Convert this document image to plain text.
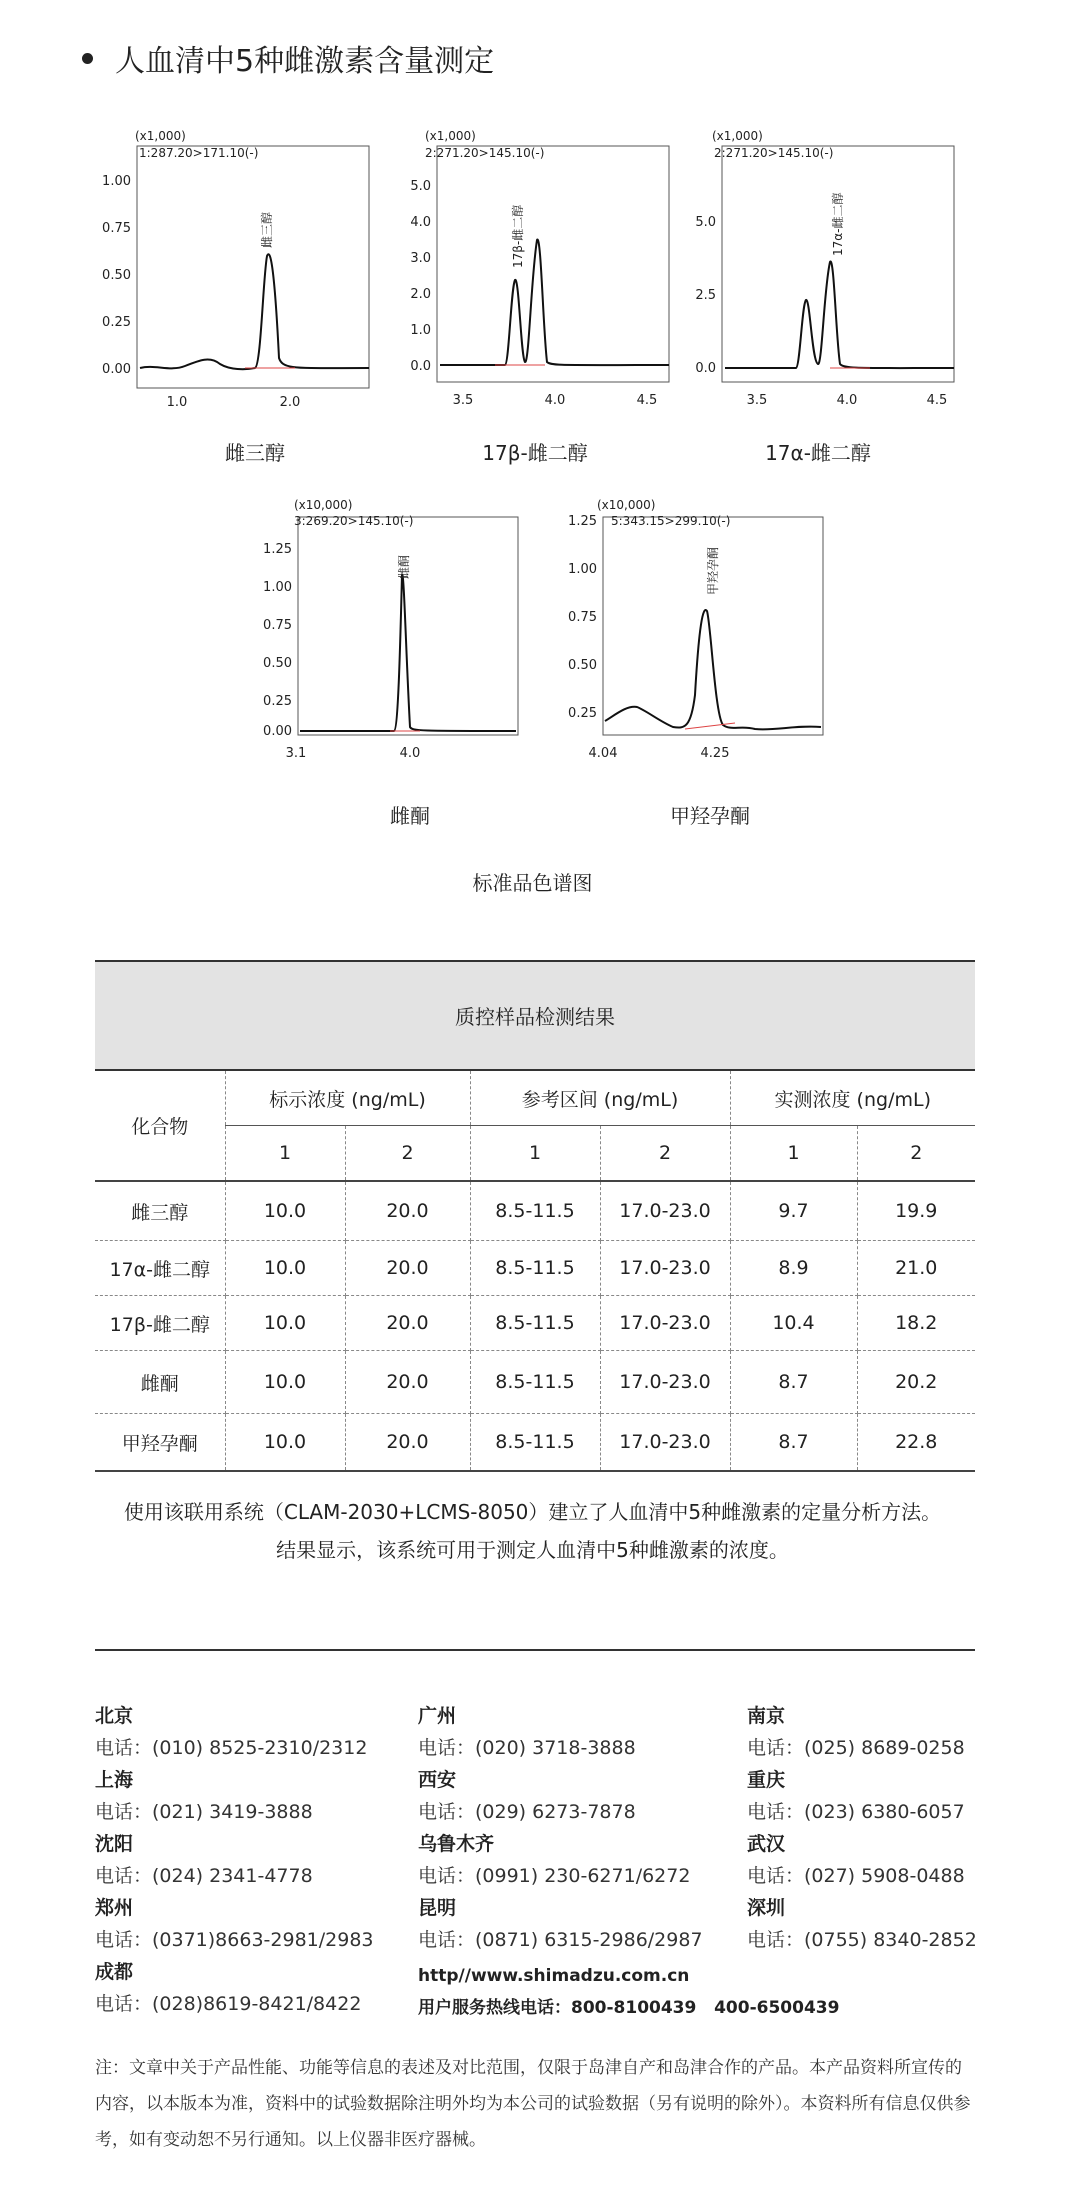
人血清中5种雌激素含量测定
(x1,000)
1:287.20>171.10(-)
1.00
0.75
0.50
0.25
0.00
1.0	2.0
雌三醇
雌三醇
(x1,000)
2:271.20>145.10(-)
5.0
4.0
3.0
2.0
1.0
0.0
3.5	4.0	4.5
17β-雌二醇
17β-雌二醇
(x1,000)
2:271.20>145.10(-)
5.0
2.5
0.0
3.5	4.0	4.5
17α-雌二醇
17α-雌二醇
(x10,000)
3:269.20>145.10(-)
1.25
1.00
0.75
0.50
0.25
0.00
3.1	4.0
雌酮
雌酮
(x10,000)
5:343.15>299.10(-)
1.25
1.00
0.75
0.50
0.25
4.04	4.25
甲羟孕酮
甲羟孕酮
标准品色谱图
质控样品检测结果
化合物	标示浓度 (ng/mL)		参考区间 (ng/mL)		实测浓度 (ng/mL)	
	1	2	1	2	1	2
雌三醇	10.0	20.0	8.5-11.5	17.0-23.0	9.7	19.9
17α-雌二醇	10.0	20.0	8.5-11.5	17.0-23.0	8.9	21.0
17β-雌二醇	10.0	20.0	8.5-11.5	17.0-23.0	10.4	18.2
雌酮	10.0	20.0	8.5-11.5	17.0-23.0	8.7	20.2
甲羟孕酮	10.0	20.0	8.5-11.5	17.0-23.0	8.7	22.8
使用该联用系统（CLAM-2030+LCMS-8050）建立了人血清中5种雌激素的定量分析方法。
结果显示，该系统可用于测定人血清中5种雌激素的浓度。
北京
电话：(010) 8525-2310/2312
上海
电话：(021) 3419-3888
沈阳
电话：(024) 2341-4778
郑州
电话：(0371)8663-2981/2983
成都
电话：(028)8619-8421/8422
广州
电话：(020) 3718-3888
西安
电话：(029) 6273-7878
乌鲁木齐
电话：(0991) 230-6271/6272
昆明
电话：(0871) 6315-2986/2987
http//www.shimadzu.com.cn
用户服务热线电话：800-8100439   400-6500439
南京
电话：(025) 8689-0258
重庆
电话：(023) 6380-6057
武汉
电话：(027) 5908-0488
深圳
电话：(0755) 8340-2852
注：文章中关于产品性能、功能等信息的表述及对比范围，仅限于岛津自产和岛津合作的产品。本产品资料所宣传的内容，以本版本为准，资料中的试验数据除注明外均为本公司的试验数据（另有说明的除外）。本资料所有信息仅供参考，如有变动恕不另行通知。以上仪器非医疗器械。
